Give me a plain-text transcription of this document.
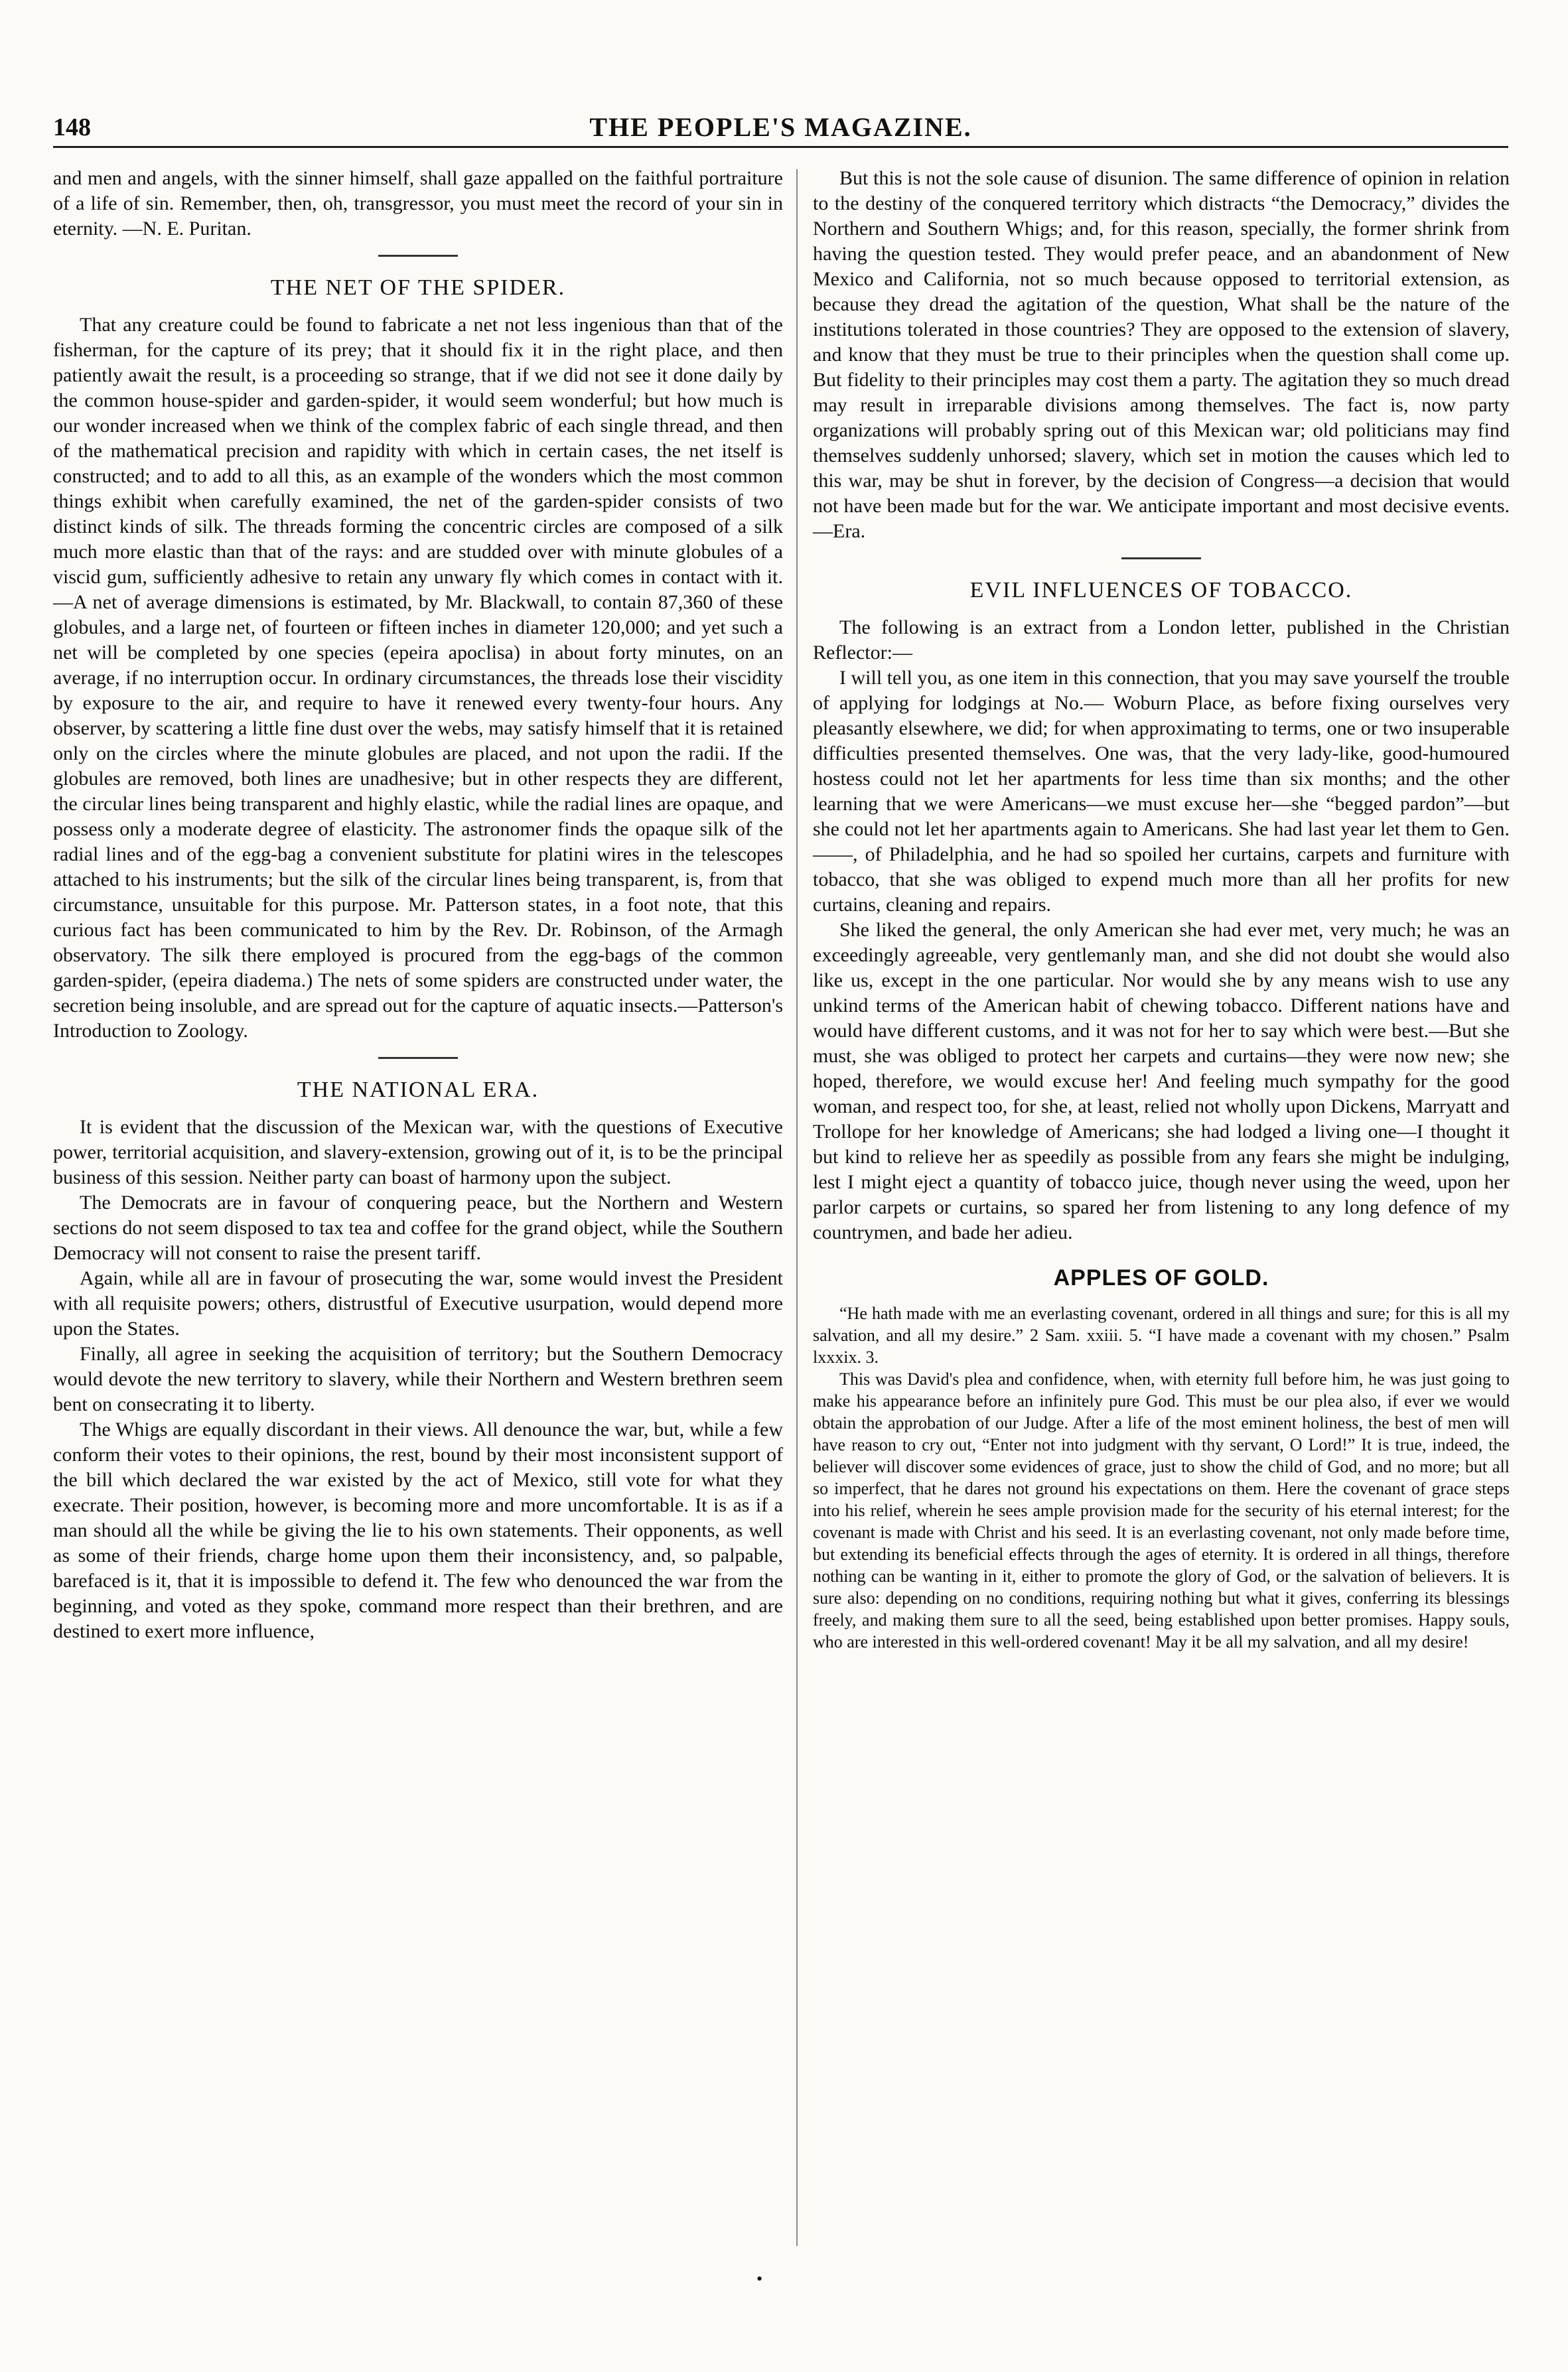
148	THE PEOPLE'S MAGAZINE.

and men and angels, with the sinner himself, shall gaze appalled on the faithful portraiture of a life of sin. Remember, then, oh, transgressor, you must meet the record of your sin in eternity. —N. E. Puritan.

THE NET OF THE SPIDER.

That any creature could be found to fabricate a net not less ingenious than that of the fisherman, for the capture of its prey; that it should fix it in the right place, and then patiently await the result, is a proceeding so strange, that if we did not see it done daily by the common house-spider and garden-spider, it would seem wonderful; but how much is our wonder increased when we think of the complex fabric of each single thread, and then of the mathematical precision and rapidity with which in certain cases, the net itself is constructed; and to add to all this, as an example of the wonders which the most common things exhibit when carefully examined, the net of the garden-spider consists of two distinct kinds of silk. The threads forming the concentric circles are composed of a silk much more elastic than that of the rays: and are studded over with minute globules of a viscid gum, sufficiently adhesive to retain any unwary fly which comes in contact with it.—A net of average dimensions is estimated, by Mr. Blackwall, to contain 87,360 of these globules, and a large net, of fourteen or fifteen inches in diameter 120,000; and yet such a net will be completed by one species (epeira apoclisa) in about forty minutes, on an average, if no interruption occur. In ordinary circumstances, the threads lose their viscidity by exposure to the air, and require to have it renewed every twenty-four hours. Any observer, by scattering a little fine dust over the webs, may satisfy himself that it is retained only on the circles where the minute globules are placed, and not upon the radii. If the globules are removed, both lines are unadhesive; but in other respects they are different, the circular lines being transparent and highly elastic, while the radial lines are opaque, and possess only a moderate degree of elasticity. The astronomer finds the opaque silk of the radial lines and of the egg-bag a convenient substitute for platini wires in the telescopes attached to his instruments; but the silk of the circular lines being transparent, is, from that circumstance, unsuitable for this purpose. Mr. Patterson states, in a foot note, that this curious fact has been communicated to him by the Rev. Dr. Robinson, of the Armagh observatory. The silk there employed is procured from the egg-bags of the common garden-spider, (epeira diadema.) The nets of some spiders are constructed under water, the secretion being insoluble, and are spread out for the capture of aquatic insects.—Patterson's Introduction to Zoology.

THE NATIONAL ERA.

It is evident that the discussion of the Mexican war, with the questions of Executive power, territorial acquisition, and slavery-extension, growing out of it, is to be the principal business of this session. Neither party can boast of harmony upon the subject.

The Democrats are in favour of conquering peace, but the Northern and Western sections do not seem disposed to tax tea and coffee for the grand object, while the Southern Democracy will not consent to raise the present tariff.

Again, while all are in favour of prosecuting the war, some would invest the President with all requisite powers; others, distrustful of Executive usurpation, would depend more upon the States.

Finally, all agree in seeking the acquisition of territory; but the Southern Democracy would devote the new territory to slavery, while their Northern and Western brethren seem bent on consecrating it to liberty.

The Whigs are equally discordant in their views. All denounce the war, but, while a few conform their votes to their opinions, the rest, bound by their most inconsistent support of the bill which declared the war existed by the act of Mexico, still vote for what they execrate. Their position, however, is becoming more and more uncomfortable. It is as if a man should all the while be giving the lie to his own statements. Their opponents, as well as some of their friends, charge home upon them their inconsistency, and, so palpable, barefaced is it, that it is impossible to defend it. The few who denounced the war from the beginning, and voted as they spoke, command more respect than their brethren, and are destined to exert more influence,

But this is not the sole cause of disunion. The same difference of opinion in relation to the destiny of the conquered territory which distracts “the Democracy,” divides the Northern and Southern Whigs; and, for this reason, specially, the former shrink from having the question tested. They would prefer peace, and an abandonment of New Mexico and California, not so much because opposed to territorial extension, as because they dread the agitation of the question, What shall be the nature of the institutions tolerated in those countries? They are opposed to the extension of slavery, and know that they must be true to their principles when the question shall come up. But fidelity to their principles may cost them a party. The agitation they so much dread may result in irreparable divisions among themselves. The fact is, now party organizations will probably spring out of this Mexican war; old politicians may find themselves suddenly unhorsed; slavery, which set in motion the causes which led to this war, may be shut in forever, by the decision of Congress—a decision that would not have been made but for the war. We anticipate important and most decisive events.—Era.

EVIL INFLUENCES OF TOBACCO.

The following is an extract from a London letter, published in the Christian Reflector:—

I will tell you, as one item in this connection, that you may save yourself the trouble of applying for lodgings at No.— Woburn Place, as before fixing ourselves very pleasantly elsewhere, we did; for when approximating to terms, one or two insuperable difficulties presented themselves. One was, that the very lady-like, good-humoured hostess could not let her apartments for less time than six months; and the other learning that we were Americans—we must excuse her—she “begged pardon”—but she could not let her apartments again to Americans. She had last year let them to Gen. ——, of Philadelphia, and he had so spoiled her curtains, carpets and furniture with tobacco, that she was obliged to expend much more than all her profits for new curtains, cleaning and repairs.

She liked the general, the only American she had ever met, very much; he was an exceedingly agreeable, very gentlemanly man, and she did not doubt she would also like us, except in the one particular. Nor would she by any means wish to use any unkind terms of the American habit of chewing tobacco. Different nations have and would have different customs, and it was not for her to say which were best.—But she must, she was obliged to protect her carpets and curtains—they were now new; she hoped, therefore, we would excuse her! And feeling much sympathy for the good woman, and respect too, for she, at least, relied not wholly upon Dickens, Marryatt and Trollope for her knowledge of Americans; she had lodged a living one—I thought it but kind to relieve her as speedily as possible from any fears she might be indulging, lest I might eject a quantity of tobacco juice, though never using the weed, upon her parlor carpets or curtains, so spared her from listening to any long defence of my countrymen, and bade her adieu.

APPLES OF GOLD.

“He hath made with me an everlasting covenant, ordered in all things and sure; for this is all my salvation, and all my desire.” 2 Sam. xxiii. 5. “I have made a covenant with my chosen.” Psalm lxxxix. 3.

This was David's plea and confidence, when, with eternity full before him, he was just going to make his appearance before an infinitely pure God. This must be our plea also, if ever we would obtain the approbation of our Judge. After a life of the most eminent holiness, the best of men will have reason to cry out, “Enter not into judgment with thy servant, O Lord!” It is true, indeed, the believer will discover some evidences of grace, just to show the child of God, and no more; but all so imperfect, that he dares not ground his expectations on them. Here the covenant of grace steps into his relief, wherein he sees ample provision made for the security of his eternal interest; for the covenant is made with Christ and his seed. It is an everlasting covenant, not only made before time, but extending its beneficial effects through the ages of eternity. It is ordered in all things, therefore nothing can be wanting in it, either to promote the glory of God, or the salvation of believers. It is sure also: depending on no conditions, requiring nothing but what it gives, conferring its blessings freely, and making them sure to all the seed, being established upon better promises. Happy souls, who are interested in this well-ordered covenant! May it be all my salvation, and all my desire!

•
